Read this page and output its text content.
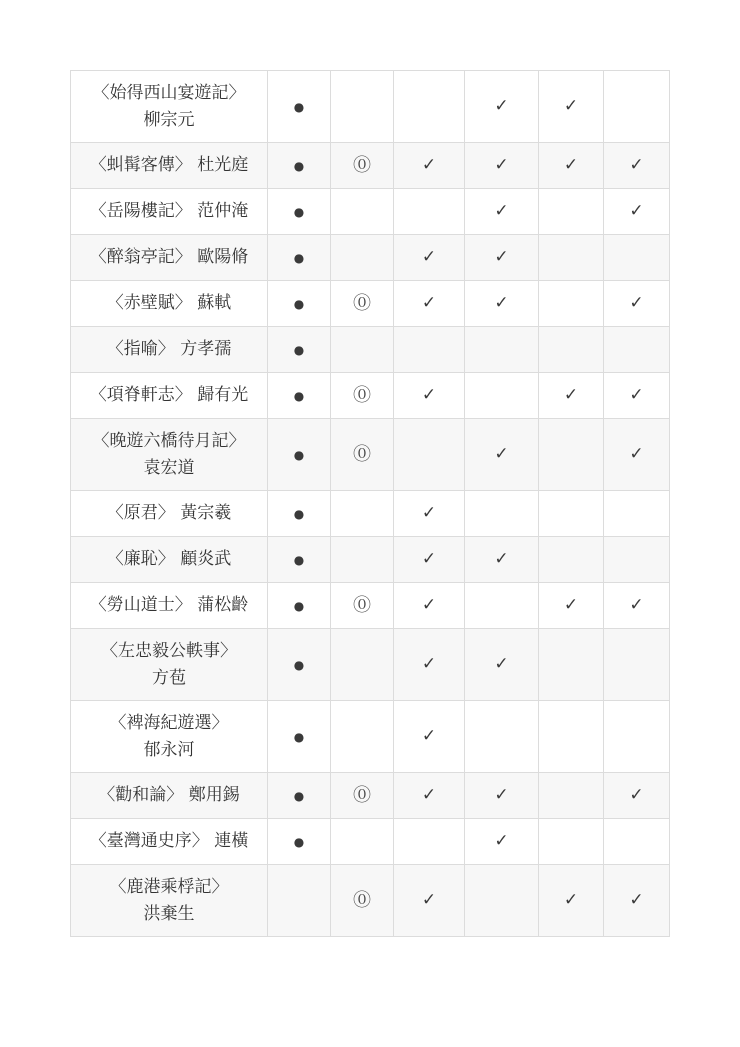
〈始得西山宴遊記〉
柳宗元	●			✓	✓	
〈虯髯客傳〉 杜光庭	●	⓪	✓	✓	✓	✓
〈岳陽樓記〉 范仲淹	●			✓		✓
〈醉翁亭記〉 歐陽脩	●		✓	✓		
〈赤壁賦〉 蘇軾	●	⓪	✓	✓		✓
〈指喻〉 方孝孺	●					
〈項脊軒志〉 歸有光	●	⓪	✓		✓	✓

〈晚遊六橋待月記〉
袁宏道	●	⓪		✓		✓
〈原君〉 黃宗羲	●		✓			
〈廉恥〉 顧炎武	●		✓	✓		
〈勞山道士〉 蒲松齡	●	⓪	✓		✓	✓

〈左忠毅公軼事〉
方苞	●		✓	✓		

〈裨海紀遊選〉
郁永河	●		✓			
〈勸和論〉 鄭用錫	●	⓪	✓	✓		✓
〈臺灣通史序〉 連橫	●			✓		

〈鹿港乘桴記〉
洪棄生		⓪	✓		✓	✓
